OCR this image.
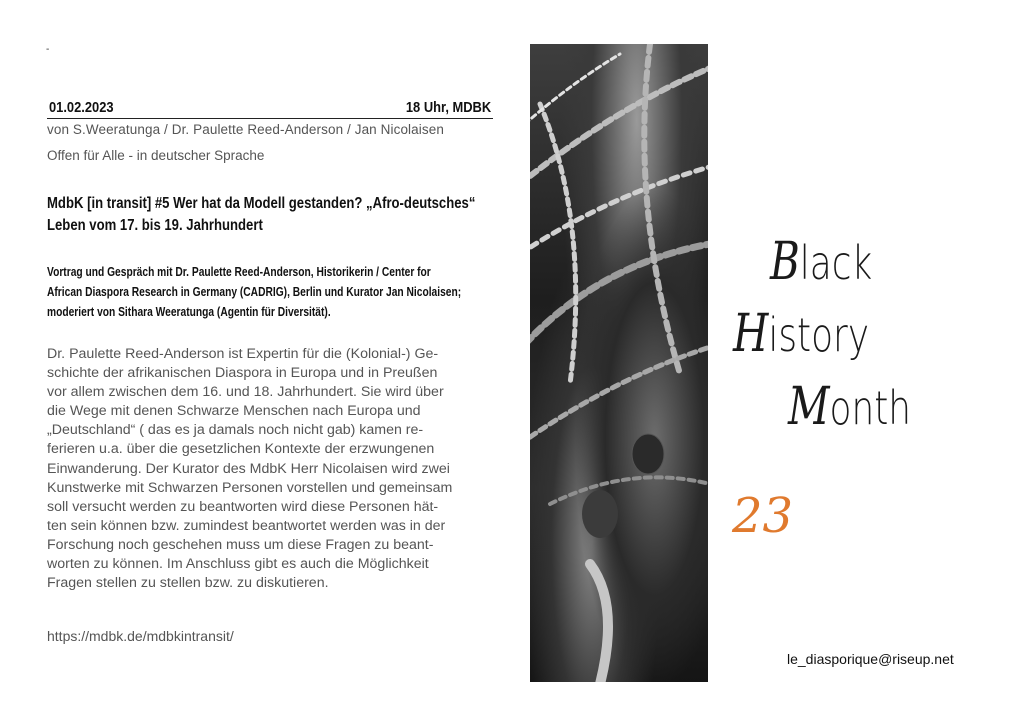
-
01.02.2023	18 Uhr, MDBK
von S.Weeratunga / Dr. Paulette Reed-Anderson / Jan Nicolaisen
Offen für Alle - in deutscher Sprache
MdbK [in transit] #5 Wer hat da Modell gestanden? „Afro-deutsches“
Leben vom 17. bis 19. Jahrhundert
Vortrag und Gespräch mit Dr. Paulette Reed-Anderson, Historikerin / Center for
African Diaspora Research in Germany (CADRIG), Berlin und Kurator Jan Nicolaisen;
moderiert von Sithara Weeratunga (Agentin für Diversität).
Dr. Paulette Reed-Anderson ist Expertin für die (Kolonial-) Ge-
schichte der afrikanischen Diaspora in Europa und in Preußen
vor allem zwischen dem 16. und 18. Jahrhundert. Sie wird über
die Wege mit denen Schwarze Menschen nach Europa und
„Deutschland“ ( das es ja damals noch nicht gab) kamen re-
ferieren u.a. über die gesetzlichen Kontexte der erzwungenen
Einwanderung. Der Kurator des MdbK Herr Nicolaisen wird zwei
Kunstwerke mit Schwarzen Personen vorstellen und gemeinsam
soll versucht werden zu beantworten wird diese Personen hät-
ten sein können bzw. zumindest beantwortet werden was in der
Forschung noch geschehen muss um diese Fragen zu beant-
worten zu können. Im Anschluss gibt es auch die Möglichkeit
Fragen stellen zu stellen bzw. zu diskutieren.
https://mdbk.de/mdbkintransit/
Black
History
Month
23
le_diasporique@riseup.net
